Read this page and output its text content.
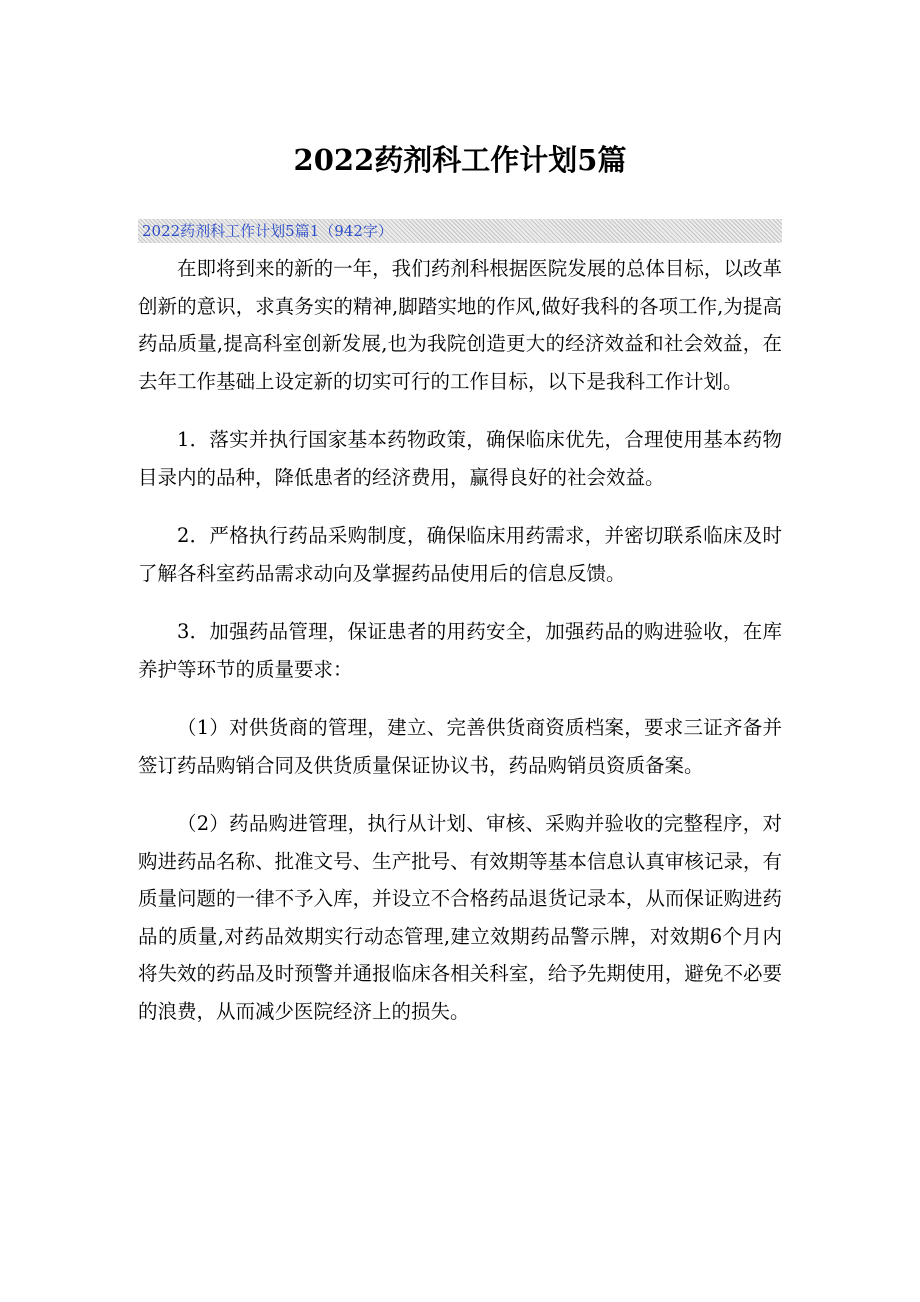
2022药剂科工作计划5篇
2022药剂科工作计划5篇1（942字）

在即将到来的新的一年，我们药剂科根据医院发展的总体目标，以改革创新的意识，求真务实的精神,脚踏实地的作风,做好我科的各项工作,为提高药品质量,提高科室创新发展,也为我院创造更大的经济效益和社会效益，在去年工作基础上设定新的切实可行的工作目标，以下是我科工作计划。

1．落实并执行国家基本药物政策，确保临床优先，合理使用基本药物目录内的品种，降低患者的经济费用，赢得良好的社会效益。

2．严格执行药品采购制度，确保临床用药需求，并密切联系临床及时了解各科室药品需求动向及掌握药品使用后的信息反馈。

3．加强药品管理，保证患者的用药安全，加强药品的购进验收，在库养护等环节的质量要求：

（1）对供货商的管理，建立、完善供货商资质档案，要求三证齐备并签订药品购销合同及供货质量保证协议书，药品购销员资质备案。

（2）药品购进管理，执行从计划、审核、采购并验收的完整程序，对购进药品名称、批准文号、生产批号、有效期等基本信息认真审核记录，有质量问题的一律不予入库，并设立不合格药品退货记录本，从而保证购进药品的质量,对药品效期实行动态管理,建立效期药品警示牌，对效期6个月内将失效的药品及时预警并通报临床各相关科室，给予先期使用，避免不必要的浪费，从而减少医院经济上的损失。
